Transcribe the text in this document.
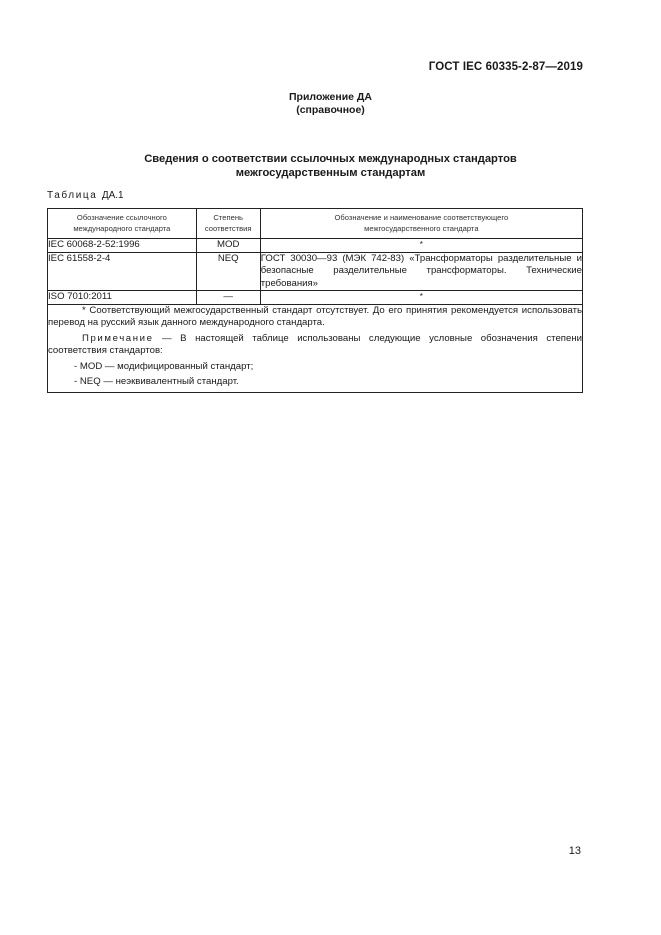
ГОСТ IEC 60335-2-87—2019
Приложение ДА
(справочное)
Сведения о соответствии ссылочных международных стандартов
межгосударственным стандартам
Таблица ДА.1
Обозначение ссылочного международного стандарта	Степень соответствия	Обозначение и наименование соответствующего межгосударственного стандарта
IEC 60068-2-52:1996	MOD	*
IEC 61558-2-4	NEQ	ГОСТ 30030—93 (МЭК 742-83) «Трансформаторы разделительные и безопасные разделительные трансформаторы. Технические требования»
ISO 7010:2011	—	*

* Соответствующий межгосударственный стандарт отсутствует. До его принятия рекомендуется использовать перевод на русский язык данного международного стандарта.

Примечание — В настоящей таблице использованы следующие условные обозначения степени соответствия стандартов:

- MOD — модифицированный стандарт;
- NEQ — неэквивалентный стандарт.		
13
